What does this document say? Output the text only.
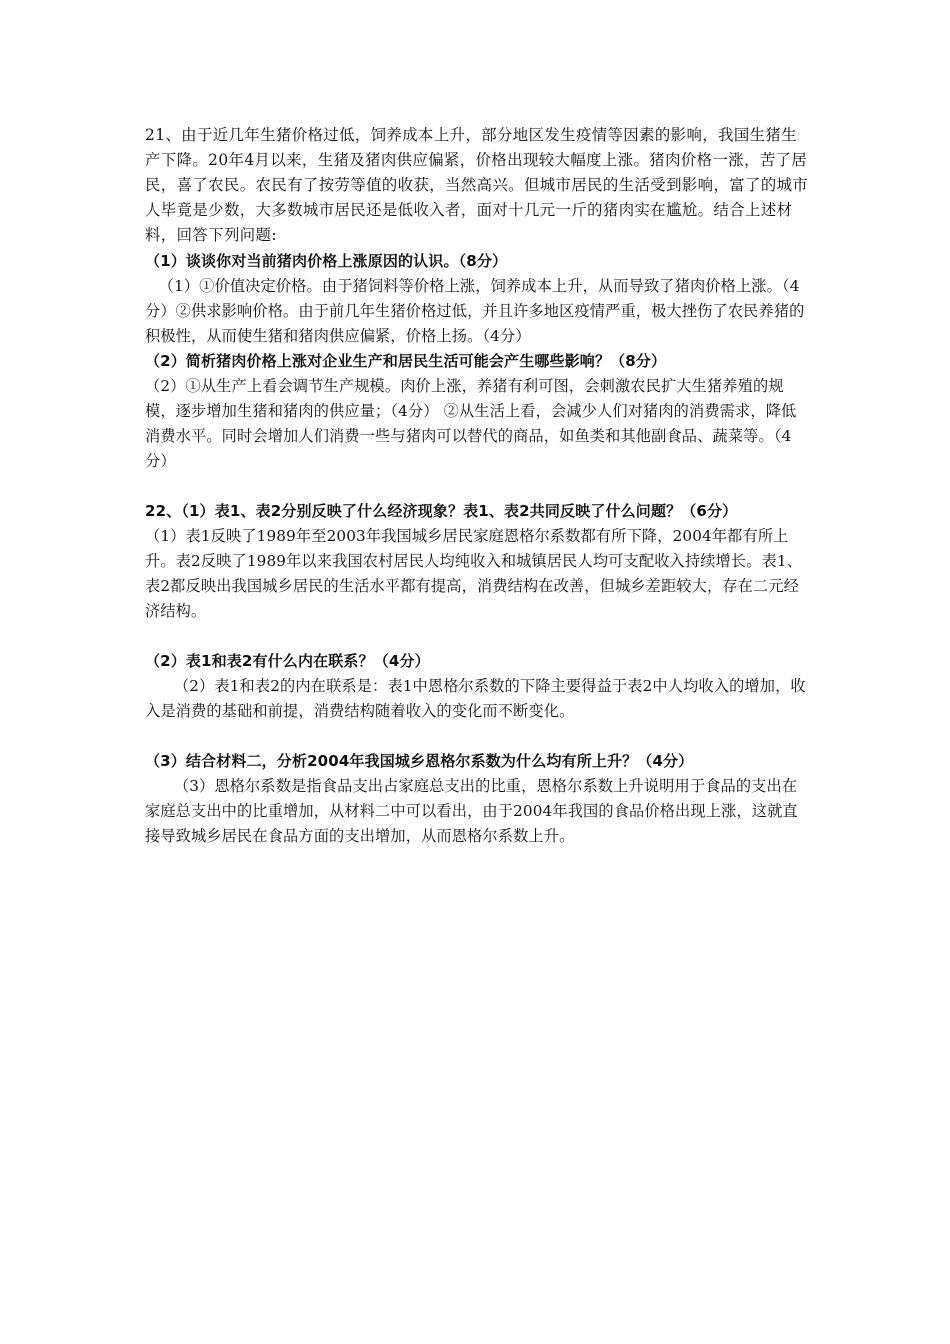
21、由于近几年生猪价格过低，饲养成本上升，部分地区发生疫情等因素的影响，我国生猪生产下降。20年4月以来，生猪及猪肉供应偏紧，价格出现较大幅度上涨。猪肉价格一涨，苦了居民，喜了农民。农民有了按劳等值的收获，当然高兴。但城市居民的生活受到影响，富了的城市人毕竟是少数，大多数城市居民还是低收入者，面对十几元一斤的猪肉实在尴尬。结合上述材料，回答下列问题:

（1）谈谈你对当前猪肉价格上涨原因的认识。（8分）

（1）①价值决定价格。由于猪饲料等价格上涨，饲养成本上升，从而导致了猪肉价格上涨。（4分）②供求影响价格。由于前几年生猪价格过低，并且许多地区疫情严重，极大挫伤了农民养猪的积极性，从而使生猪和猪肉供应偏紧，价格上扬。（4分）

（2）简析猪肉价格上涨对企业生产和居民生活可能会产生哪些影响？（8分）

（2）①从生产上看会调节生产规模。肉价上涨，养猪有利可图，会刺激农民扩大生猪养殖的规模，逐步增加生猪和猪肉的供应量；（4分） ②从生活上看，会减少人们对猪肉的消费需求，降低消费水平。同时会增加人们消费一些与猪肉可以替代的商品，如鱼类和其他副食品、蔬菜等。（4分）

22、（1）表1、表2分别反映了什么经济现象？表1、表2共同反映了什么问题？（6分）

（1）表1反映了1989年至2003年我国城乡居民家庭恩格尔系数都有所下降，2004年都有所上升。表2反映了1989年以来我国农村居民人均纯收入和城镇居民人均可支配收入持续增长。表1、表2都反映出我国城乡居民的生活水平都有提高，消费结构在改善，但城乡差距较大，存在二元经济结构。

（2）表1和表2有什么内在联系？（4分）

（2）表1和表2的内在联系是：表1中恩格尔系数的下降主要得益于表2中人均收入的增加，收入是消费的基础和前提，消费结构随着收入的变化而不断变化。

（3）结合材料二，分析2004年我国城乡恩格尔系数为什么均有所上升？（4分）

（3）恩格尔系数是指食品支出占家庭总支出的比重，恩格尔系数上升说明用于食品的支出在家庭总支出中的比重增加，从材料二中可以看出，由于2004年我国的食品价格出现上涨，这就直接导致城乡居民在食品方面的支出增加，从而恩格尔系数上升。
